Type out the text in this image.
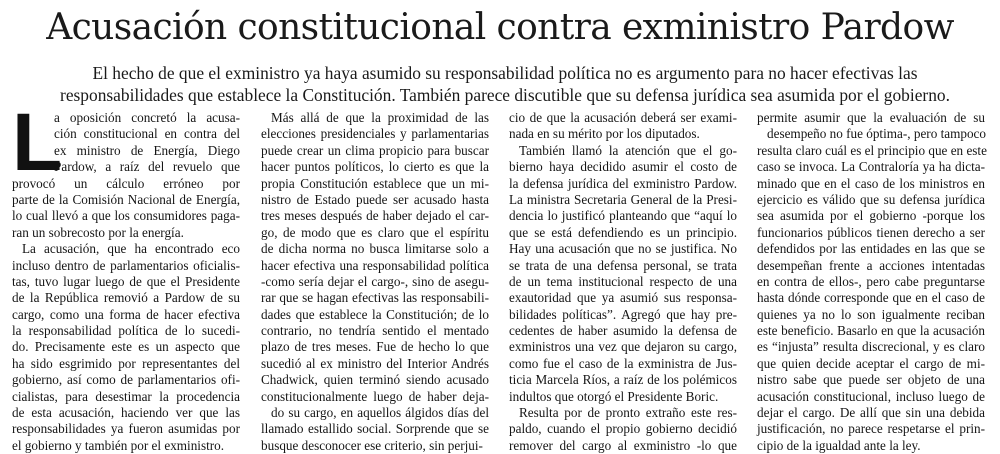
Acusación constitucional contra exministro Pardow
El hecho de que el exministro ya haya asumido su responsabilidad política no es argumento para no hacer efectivas las responsabilidades que establece la Constitución. También parece discutible que su defensa jurídica sea asumida por el gobierno.
L
a oposición concretó la acusa-
ción constitucional en contra del
ex ministro de Energía, Diego
Pardow, a raíz del revuelo que
provocó un cálculo erróneo por
parte de la Comisión Nacional de Energía,
lo cual llevó a que los consumidores paga-
ran un sobrecosto por la energía.
La acusación, que ha encontrado eco
incluso dentro de parlamentarios oficialis-
tas, tuvo lugar luego de que el Presidente
de la República removió a Pardow de su
cargo, como una forma de hacer efectiva
la responsabilidad política de lo sucedi-
do. Precisamente este es un aspecto que
ha sido esgrimido por representantes del
gobierno, así como de parlamentarios ofi-
cialistas, para desestimar la procedencia
de esta acusación, haciendo ver que las
responsabilidades ya fueron asumidas por
el gobierno y también por el exministro.
Más allá de que la proximidad de las
elecciones presidenciales y parlamentarias
puede crear un clima propicio para buscar
hacer puntos políticos, lo cierto es que la
propia Constitución establece que un mi-
nistro de Estado puede ser acusado hasta
tres meses después de haber dejado el car-
go, de modo que es claro que el espíritu
de dicha norma no busca limitarse solo a
hacer efectiva una responsabilidad política
-como sería dejar el cargo-, sino de asegu-
rar que se hagan efectivas las responsabili-
dades que establece la Constitución; de lo
contrario, no tendría sentido el mentado
plazo de tres meses. Fue de hecho lo que
sucedió al ex ministro del Interior Andrés
Chadwick, quien terminó siendo acusado
constitucionalmente luego de haber deja-
do su cargo, en aquellos álgidos días del
llamado estallido social. Sorprende que se
busque desconocer ese criterio, sin perjui-
cio de que la acusación deberá ser exami-
nada en su mérito por los diputados.
También llamó la atención que el go-
bierno haya decidido asumir el costo de
la defensa jurídica del exministro Pardow.
La ministra Secretaria General de la Presi-
dencia lo justificó planteando que “aquí lo
que se está defendiendo es un principio.
Hay una acusación que no se justifica. No
se trata de una defensa personal, se trata
de un tema institucional respecto de una
exautoridad que ya asumió sus responsa-
bilidades políticas”. Agregó que hay pre-
cedentes de haber asumido la defensa de
exministros una vez que dejaron su cargo,
como fue el caso de la exministra de Jus-
ticia Marcela Ríos, a raíz de los polémicos
indultos que otorgó el Presidente Boric.
Resulta por de pronto extraño este res-
paldo, cuando el propio gobierno decidió
remover del cargo al exministro -lo que
permite asumir que la evaluación de su
desempeño no fue óptima-, pero tampoco
resulta claro cuál es el principio que en este
caso se invoca. La Contraloría ya ha dicta-
minado que en el caso de los ministros en
ejercicio es válido que su defensa jurídica
sea asumida por el gobierno -porque los
funcionarios públicos tienen derecho a ser
defendidos por las entidades en las que se
desempeñan frente a acciones intentadas
en contra de ellos-, pero cabe preguntarse
hasta dónde corresponde que en el caso de
quienes ya no lo son igualmente reciban
este beneficio. Basarlo en que la acusación
es “injusta” resulta discrecional, y es claro
que quien decide aceptar el cargo de mi-
nistro sabe que puede ser objeto de una
acusación constitucional, incluso luego de
dejar el cargo. De allí que sin una debida
justificación, no parece respetarse el prin-
cipio de la igualdad ante la ley.
